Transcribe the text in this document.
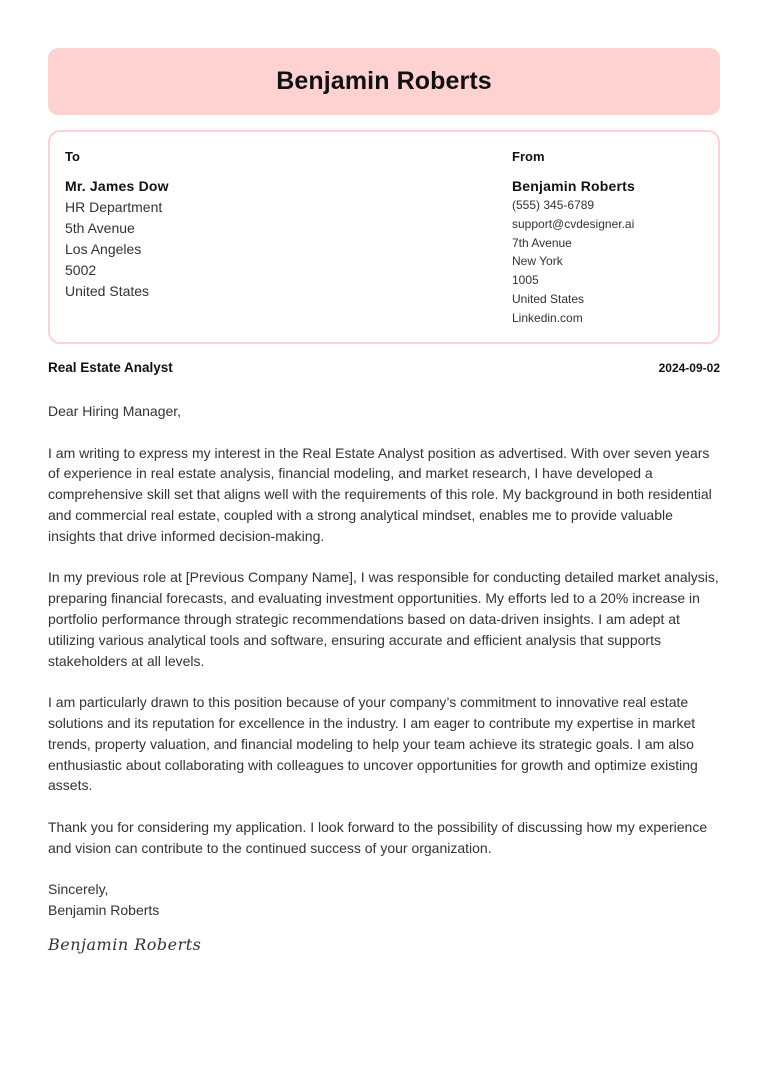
Benjamin Roberts
To
Mr. James Dow
HR Department
5th Avenue
Los Angeles
5002
United States
From
Benjamin Roberts
(555) 345-6789
support@cvdesigner.ai
7th Avenue
New York
1005
United States
Linkedin.com
Real Estate Analyst	2024-09-02

Dear Hiring Manager,

I am writing to express my interest in the Real Estate Analyst position as advertised. With over seven years of experience in real estate analysis, financial modeling, and market research, I have developed a comprehensive skill set that aligns well with the requirements of this role. My background in both residential and commercial real estate, coupled with a strong analytical mindset, enables me to provide valuable insights that drive informed decision-making.

In my previous role at [Previous Company Name], I was responsible for conducting detailed market analysis, preparing financial forecasts, and evaluating investment opportunities. My efforts led to a 20% increase in portfolio performance through strategic recommendations based on data-driven insights. I am adept at utilizing various analytical tools and software, ensuring accurate and efficient analysis that supports stakeholders at all levels.

I am particularly drawn to this position because of your company’s commitment to innovative real estate solutions and its reputation for excellence in the industry. I am eager to contribute my expertise in market trends, property valuation, and financial modeling to help your team achieve its strategic goals. I am also enthusiastic about collaborating with colleagues to uncover opportunities for growth and optimize existing assets.

Thank you for considering my application. I look forward to the possibility of discussing how my experience and vision can contribute to the continued success of your organization.

Sincerely,
Benjamin Roberts
Benjamin Roberts
